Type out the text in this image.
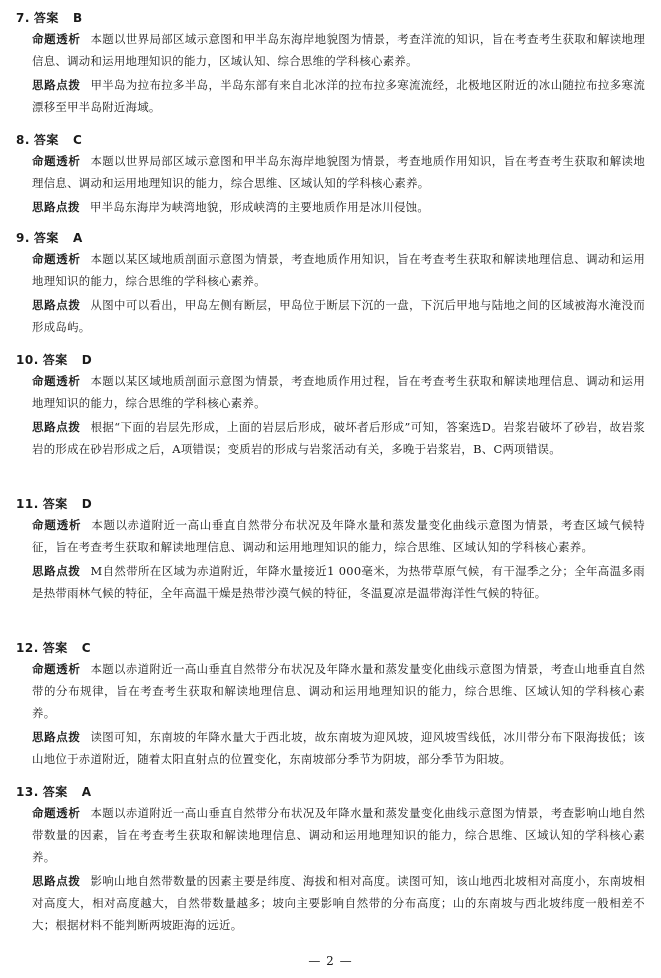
7. 答案 B
命题透析 本题以世界局部区域示意图和甲半岛东海岸地貌图为情景，考查洋流的知识，旨在考查考生获取和解读地理信息、调动和运用地理知识的能力，区域认知、综合思维的学科核心素养。
思路点拨 甲半岛为拉布拉多半岛，半岛东部有来自北冰洋的拉布拉多寒流流经，北极地区附近的冰山随拉布拉多寒流漂移至甲半岛附近海域。
8. 答案 C
命题透析 本题以世界局部区域示意图和甲半岛东海岸地貌图为情景，考查地质作用知识，旨在考查考生获取和解读地理信息、调动和运用地理知识的能力，综合思维、区域认知的学科核心素养。
思路点拨 甲半岛东海岸为峡湾地貌，形成峡湾的主要地质作用是冰川侵蚀。
9. 答案 A
命题透析 本题以某区域地质剖面示意图为情景，考查地质作用知识，旨在考查考生获取和解读地理信息、调动和运用地理知识的能力，综合思维的学科核心素养。
思路点拨 从图中可以看出，甲岛左侧有断层，甲岛位于断层下沉的一盘，下沉后甲地与陆地之间的区域被海水淹没而形成岛屿。
10. 答案 D
命题透析 本题以某区域地质剖面示意图为情景，考查地质作用过程，旨在考查考生获取和解读地理信息、调动和运用地理知识的能力，综合思维的学科核心素养。
思路点拨 根据“下面的岩层先形成，上面的岩层后形成，破坏者后形成”可知，答案选D。岩浆岩破坏了砂岩，故岩浆岩的形成在砂岩形成之后，A项错误；变质岩的形成与岩浆活动有关，多晚于岩浆岩，B、C两项错误。
11. 答案 D
命题透析 本题以赤道附近一高山垂直自然带分布状况及年降水量和蒸发量变化曲线示意图为情景，考查区域气候特征，旨在考查考生获取和解读地理信息、调动和运用地理知识的能力，综合思维、区域认知的学科核心素养。
思路点拨 M自然带所在区域为赤道附近，年降水量接近1 000毫米，为热带草原气候，有干湿季之分；全年高温多雨是热带雨林气候的特征，全年高温干燥是热带沙漠气候的特征，冬温夏凉是温带海洋性气候的特征。
12. 答案 C
命题透析 本题以赤道附近一高山垂直自然带分布状况及年降水量和蒸发量变化曲线示意图为情景，考查山地垂直自然带的分布规律，旨在考查考生获取和解读地理信息、调动和运用地理知识的能力，综合思维、区域认知的学科核心素养。
思路点拨 读图可知，东南坡的年降水量大于西北坡，故东南坡为迎风坡，迎风坡雪线低，冰川带分布下限海拔低；该山地位于赤道附近，随着太阳直射点的位置变化，东南坡部分季节为阴坡，部分季节为阳坡。
13. 答案 A
命题透析 本题以赤道附近一高山垂直自然带分布状况及年降水量和蒸发量变化曲线示意图为情景，考查影响山地自然带数量的因素，旨在考查考生获取和解读地理信息、调动和运用地理知识的能力，综合思维、区域认知的学科核心素养。
思路点拨 影响山地自然带数量的因素主要是纬度、海拔和相对高度。读图可知，该山地西北坡相对高度小，东南坡相对高度大，相对高度越大，自然带数量越多；坡向主要影响自然带的分布高度；山的东南坡与西北坡纬度一般相差不大；根据材料不能判断两坡距海的远近。
— 2 —
